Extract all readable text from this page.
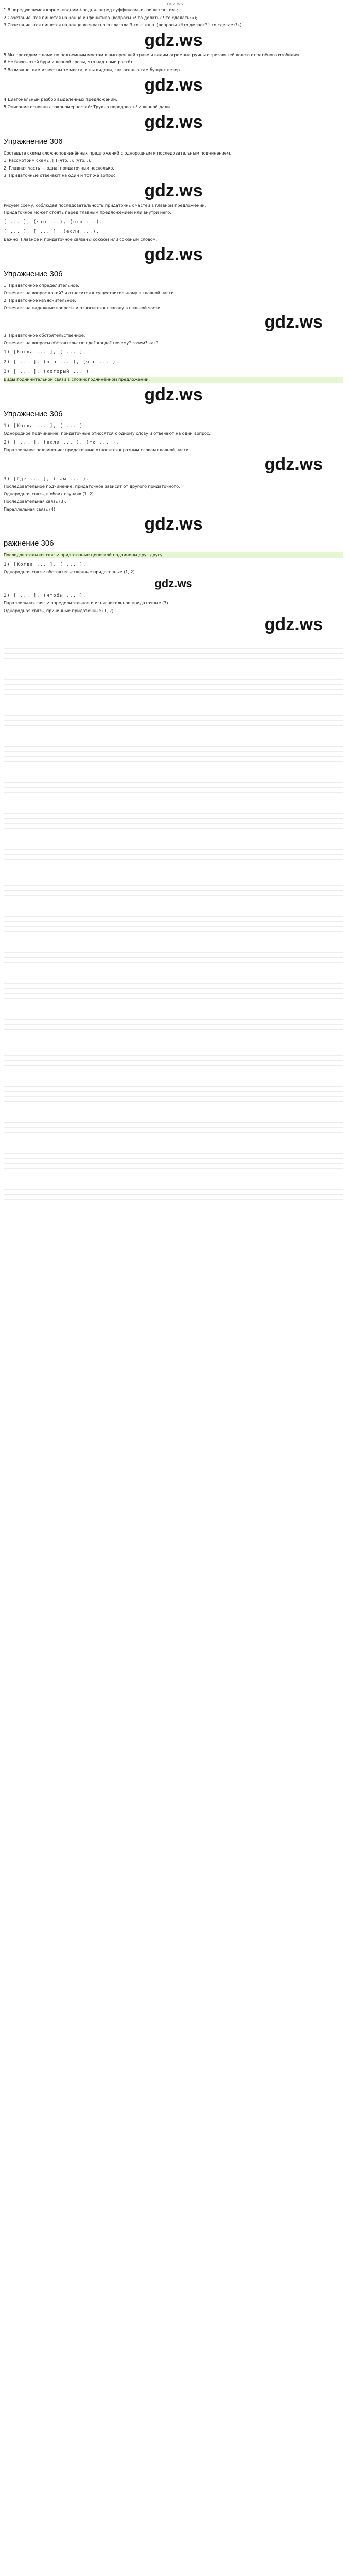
gdz.ws

1.В чередующемся корне -подним-/-подня- перед суффиксом -и- пишется - им-;

2.Сочетание -тся пишется на конце инфинитива (вопросы «Что делать? Что сделать?»);

3.Сочетание -тся пишется на конце возвратного глагола 3-го л. ед.ч. (вопросы «Что делает? Что сделает?»).

gdz.ws

5.Мы проходим с вами по подъемным мостам в выгоревшей траве и видим огромные руины отрезающей водою от зелёного изобилия.

6.Не боюсь этой бури и вечной грозы, что над нами растёт.

7.Возможно, вам известны те места, и вы видели, как осенью там бушует ветер.

gdz.ws

4.Диагональный разбор выделенных предложений.

5.Описание основных закономерностей: Трудно передавать! и вечной дали.

gdz.ws
Упражнение 306

Составьте схемы сложноподчинённых предложений с однородным и последовательным подчинением.

1. Рассмотрим схемы: [ ] (что...), (что...).

2. Главная часть — одна, придаточных несколько.

3. Придаточные отвечают на один и тот же вопрос.

gdz.ws

Рисуем схему, соблюдая последовательность придаточных частей в главном предложении.

Придаточное может стоять перед главным предложением или внутри него.

[ ... ], (что ...), (что ...).
( ... ), [ ... ], (если ...).

Важно! Главное и придаточное связаны союзом или союзным словом.

gdz.ws
Упражнение 306

1. Придаточное определительное:

Отвечает на вопрос какой? и относится к существительному в главной части.

2. Придаточное изъяснительное:

Отвечает на падежные вопросы и относится к глаголу в главной части.

gdz.ws

3. Придаточное обстоятельственное:

Отвечает на вопросы обстоятельств: где? когда? почему? зачем? как?

1) [Когда ... ], ( ... ).
2) [ ... ], (что ... ), (что ... ).
3) [ ... ], (который ... ).

Виды подчинительной связи в сложноподчинённом предложении.

gdz.ws
Упражнение 306
1) [Когда ... ], ( ... ).

Однородное подчинение: придаточные относятся к одному слову и отвечают на один вопрос.

2) [ ... ], (если ... ), (то ... ).

Параллельное подчинение: придаточные относятся к разным словам главной части.

gdz.ws
3) [Где ... ], (там ... ).

Последовательное подчинение: придаточное зависит от другого придаточного.

Однородная связь, в обоих случаях (1, 2).

Последовательная связь (3).

Параллельная связь (4).

gdz.ws
ражнение 306

Последовательная связь: придаточные цепочкой подчинены друг другу.

1) [Когда ... ], ( ... ).

Однородная связь: обстоятельственные придаточные (1, 2).

gdz.ws
2) [ ... ], (чтобы ... ).

Параллельная связь: определительное и изъяснительное придаточные (3).

Однородная связь, причинные придаточные (1, 2).

gdz.ws
